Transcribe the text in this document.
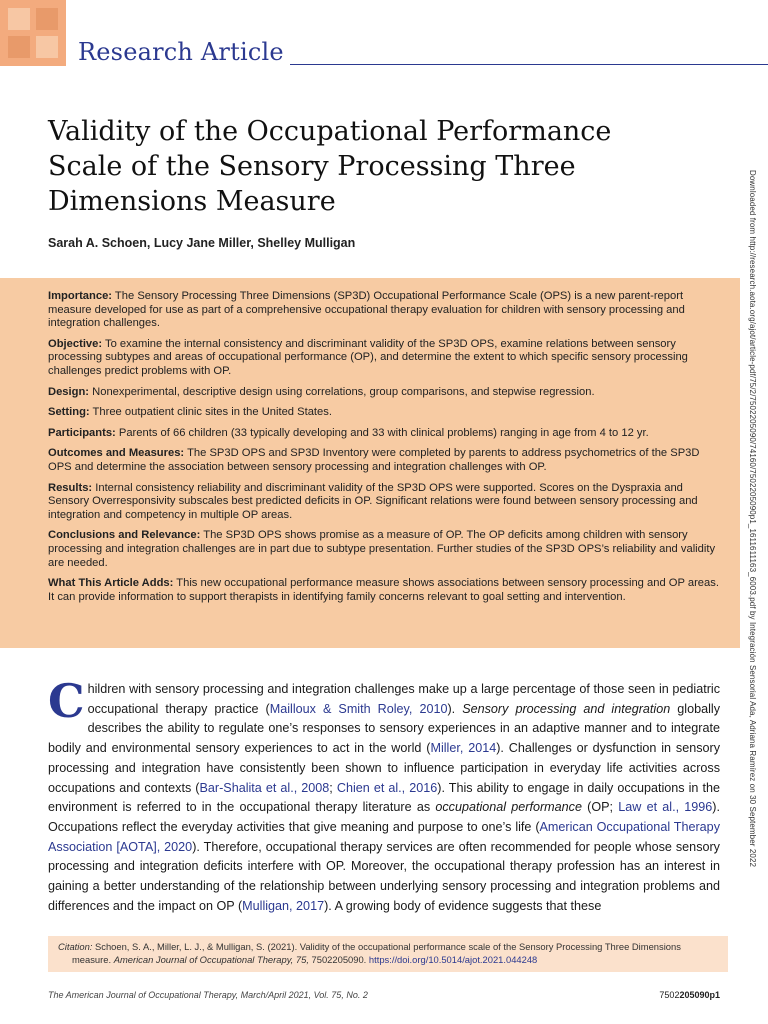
Research Article
Validity of the Occupational Performance Scale of the Sensory Processing Three Dimensions Measure
Sarah A. Schoen, Lucy Jane Miller, Shelley Mulligan	Downloaded from http://research.aota.org/ajot/article-pdf/75/2/7502205090/74160/7502205090p1_1611611163_6003.pdf by Integración Sensorial Ada, Adriana Ramírez on 30 September 2022

Importance: The Sensory Processing Three Dimensions (SP3D) Occupational Performance Scale (OPS) is a new parent-report measure developed for use as part of a comprehensive occupational therapy evaluation for children with sensory processing and integration challenges.

Objective: To examine the internal consistency and discriminant validity of the SP3D OPS, examine relations between sensory processing subtypes and areas of occupational performance (OP), and determine the extent to which specific sensory processing challenges predict problems with OP.

Design: Nonexperimental, descriptive design using correlations, group comparisons, and stepwise regression.

Setting: Three outpatient clinic sites in the United States.

Participants: Parents of 66 children (33 typically developing and 33 with clinical problems) ranging in age from 4 to 12 yr.

Outcomes and Measures: The SP3D OPS and SP3D Inventory were completed by parents to address psychometrics of the SP3D OPS and determine the association between sensory processing and integration challenges with OP.

Results: Internal consistency reliability and discriminant validity of the SP3D OPS were supported. Scores on the Dyspraxia and Sensory Overresponsivity subscales best predicted deficits in OP. Significant relations were found between sensory processing and integration and competency in multiple OP areas.

Conclusions and Relevance: The SP3D OPS shows promise as a measure of OP. The OP deficits among children with sensory processing and integration challenges are in part due to subtype presentation. Further studies of the SP3D OPS’s reliability and validity are needed.

What This Article Adds: This new occupational performance measure shows associations between sensory processing and OP areas. It can provide information to support therapists in identifying family concerns relevant to goal setting and intervention.

Children with sensory processing and integration challenges make up a large percentage of those seen in pediatric occupational therapy practice (Mailloux & Smith Roley, 2010). Sensory processing and integration globally describes the ability to regulate one’s responses to sensory experiences in an adaptive manner and to integrate bodily and environmental sensory experiences to act in the world (Miller, 2014). Challenges or dysfunction in sensory processing and integration have consistently been shown to influence participation in everyday life activities across occupations and contexts (Bar-Shalita et al., 2008; Chien et al., 2016). This ability to engage in daily occupations in the environment is referred to in the occupational therapy literature as occupational performance (OP; Law et al., 1996). Occupations reflect the everyday activities that give meaning and purpose to one’s life (American Occupational Therapy Association [AOTA], 2020). Therefore, occupational therapy services are often recommended for people whose sensory processing and integration deficits interfere with OP. Moreover, the occupational therapy profession has an interest in gaining a better understanding of the relationship between underlying sensory processing and integration problems and differences and the impact on OP (Mulligan, 2017). A growing body of evidence suggests that these
Citation: Schoen, S. A., Miller, L. J., & Mulligan, S. (2021). Validity of the occupational performance scale of the Sensory Processing Three Dimensions
measure. American Journal of Occupational Therapy, 75, 7502205090. https://doi.org/10.5014/ajot.2021.044248
The American Journal of Occupational Therapy, March/April 2021, Vol. 75, No. 2	7502205090p1
